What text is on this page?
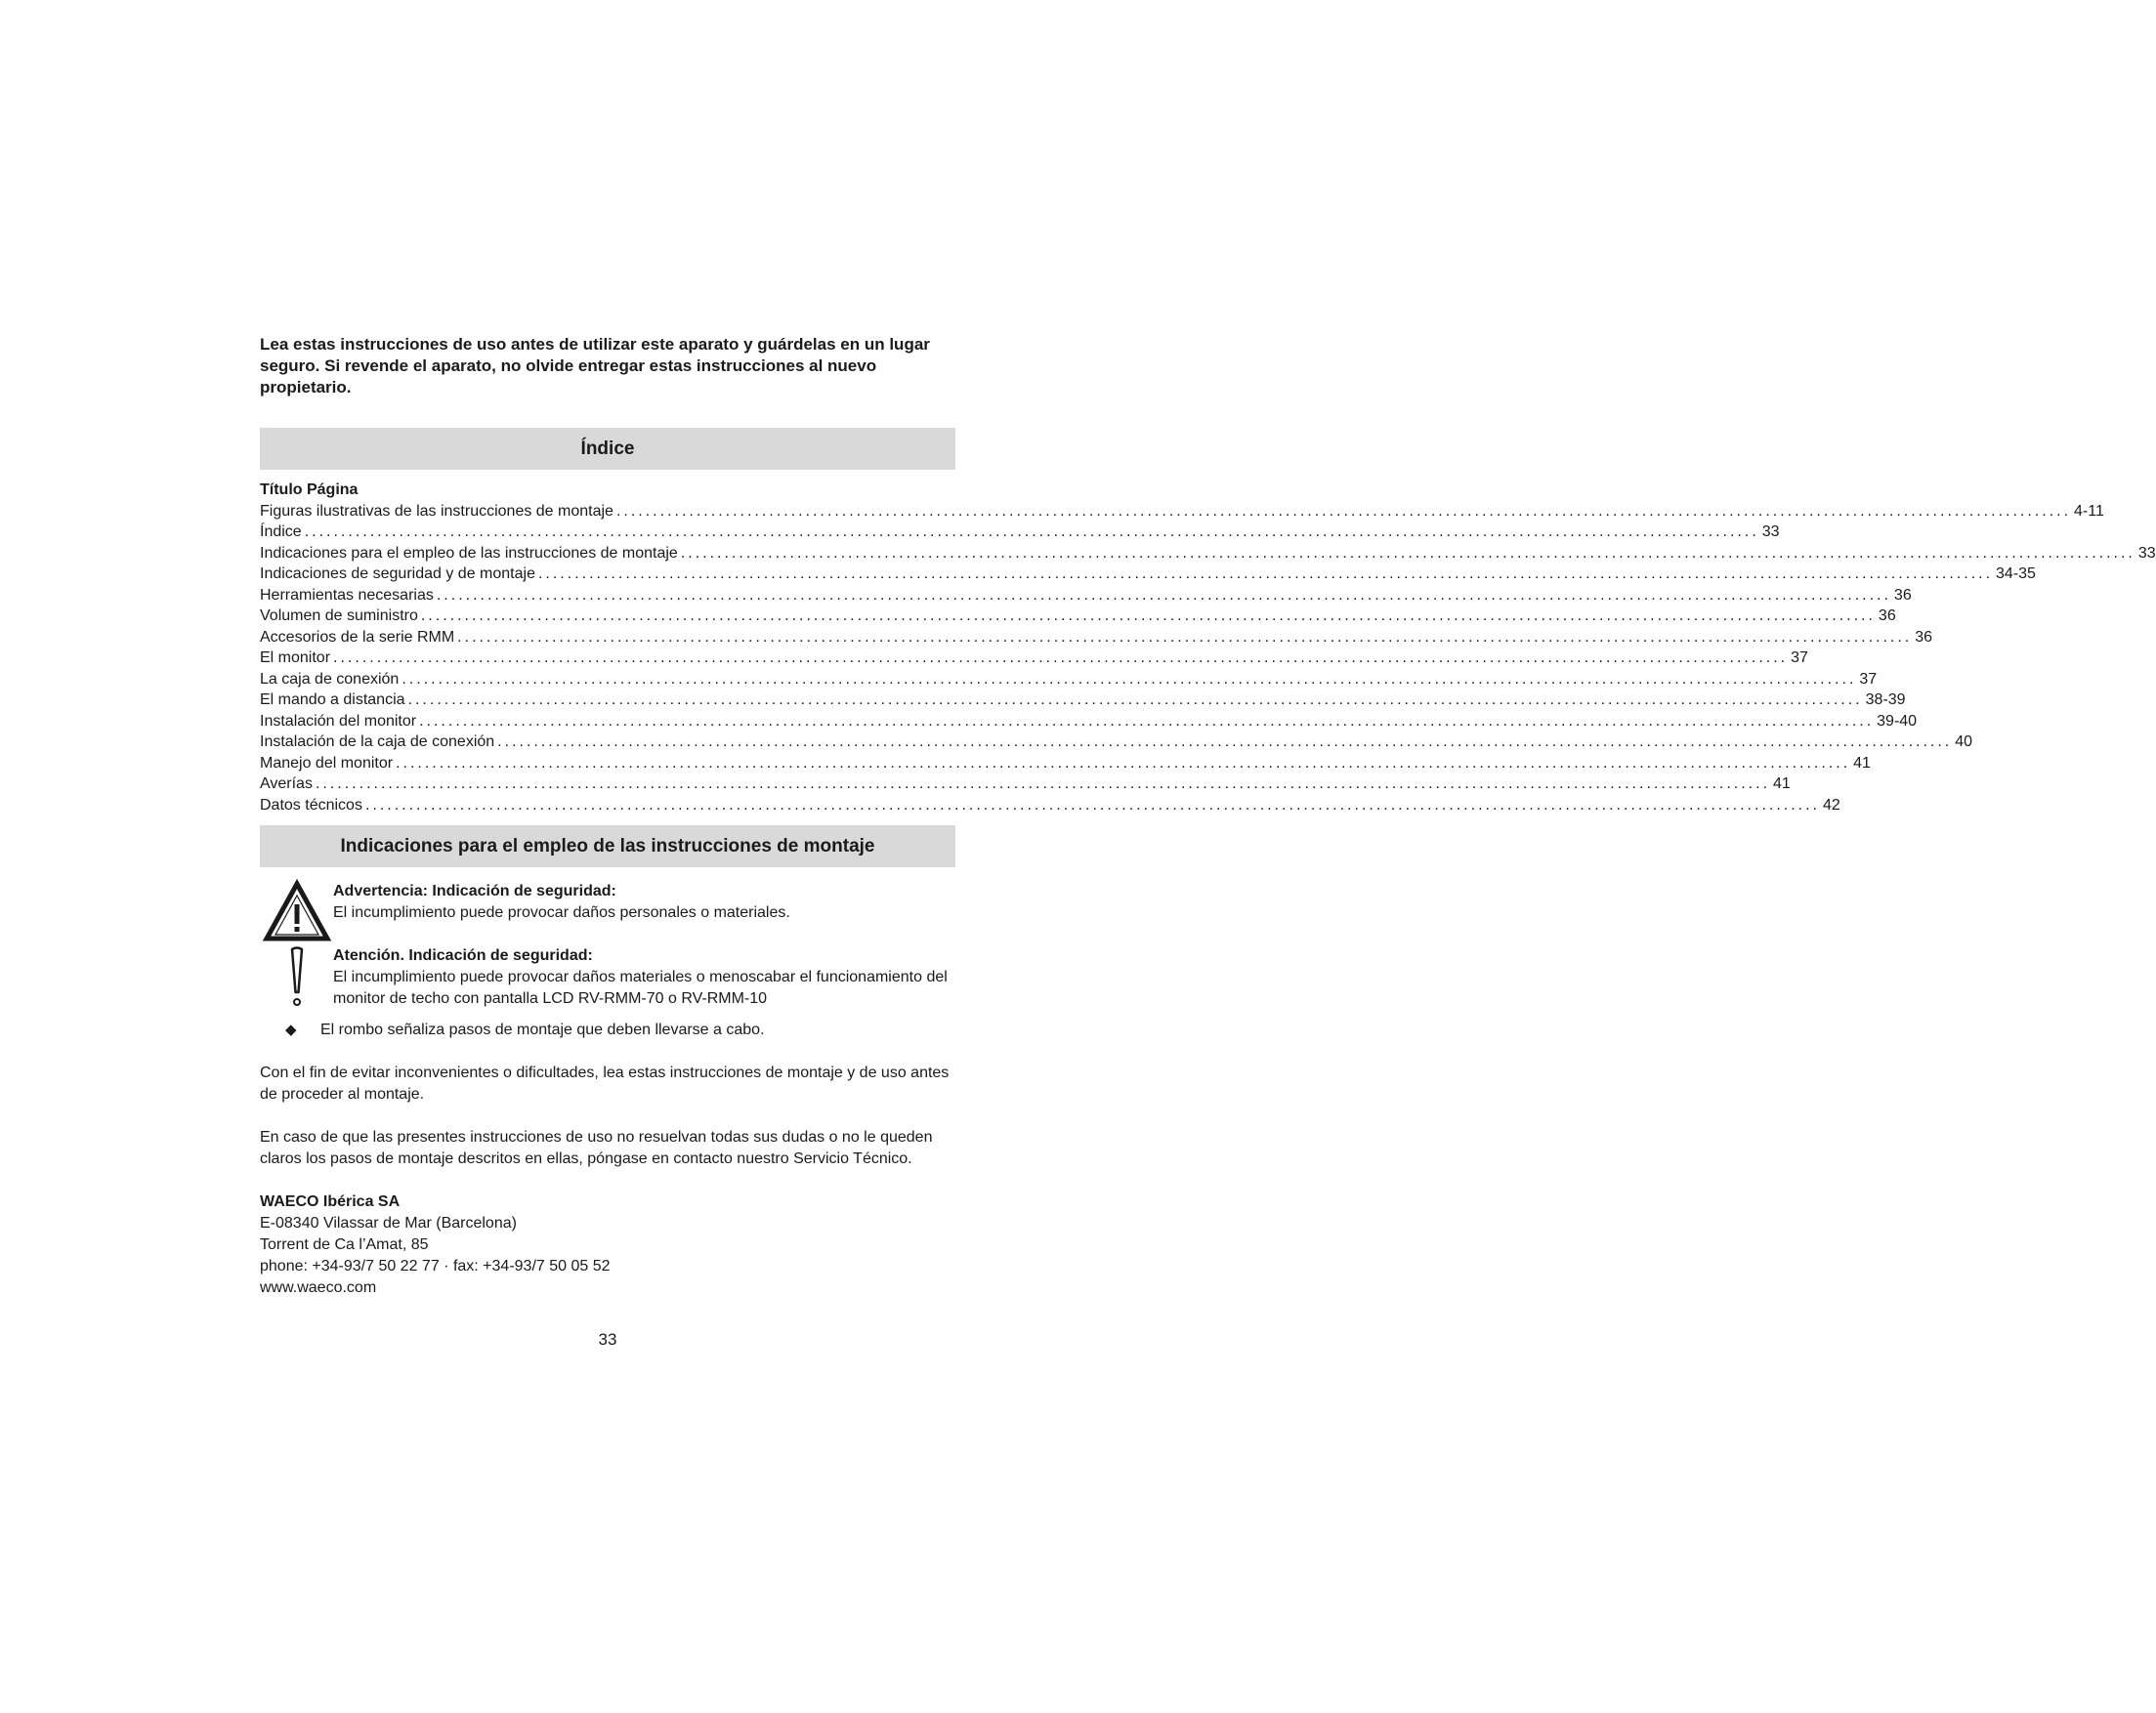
Lea estas instrucciones de uso antes de utilizar este aparato y guárdelas en un lugar seguro. Si revende el aparato, no olvide entregar estas instrucciones al nuevo propietario.

Índice
Título Página
Figuras ilustrativas de las instrucciones de montaje ........................................................................................................................................................................................................ 4-11
Índice ........................................................................................................................................................................................................ 33
Indicaciones para el empleo de las instrucciones de montaje ........................................................................................................................................................................................................ 33
Indicaciones de seguridad y de montaje ........................................................................................................................................................................................................ 34-35
Herramientas necesarias ........................................................................................................................................................................................................ 36
Volumen de suministro ........................................................................................................................................................................................................ 36
Accesorios de la serie RMM ........................................................................................................................................................................................................ 36
El monitor ........................................................................................................................................................................................................ 37
La caja de conexión ........................................................................................................................................................................................................ 37
El mando a distancia ........................................................................................................................................................................................................ 38-39
Instalación del monitor ........................................................................................................................................................................................................ 39-40
Instalación de la caja de conexión ........................................................................................................................................................................................................ 40
Manejo del monitor ........................................................................................................................................................................................................ 41
Averías ........................................................................................................................................................................................................ 41
Datos técnicos ........................................................................................................................................................................................................ 42
Indicaciones para el empleo de las instrucciones de montaje
Advertencia: Indicación de seguridad:
El incumplimiento puede provocar daños personales o materiales.
Atención. Indicación de seguridad:
El incumplimiento puede provocar daños materiales o menoscabar el funcionamiento del monitor de techo con pantalla LCD RV-RMM-70 o RV-RMM-10
◆ El rombo señaliza pasos de montaje que deben llevarse a cabo.
Con el fin de evitar inconvenientes o dificultades, lea estas instrucciones de montaje y de uso antes de proceder al montaje.
En caso de que las presentes instrucciones de uso no resuelvan todas sus dudas o no le queden claros los pasos de montaje descritos en ellas, póngase en contacto nuestro Servicio Técnico.
WAECO Ibérica SA
E-08340 Vilassar de Mar (Barcelona)
Torrent de Ca l’Amat, 85
phone: +34-93/7 50 22 77 · fax: +34-93/7 50 05 52
www.waeco.com
33
